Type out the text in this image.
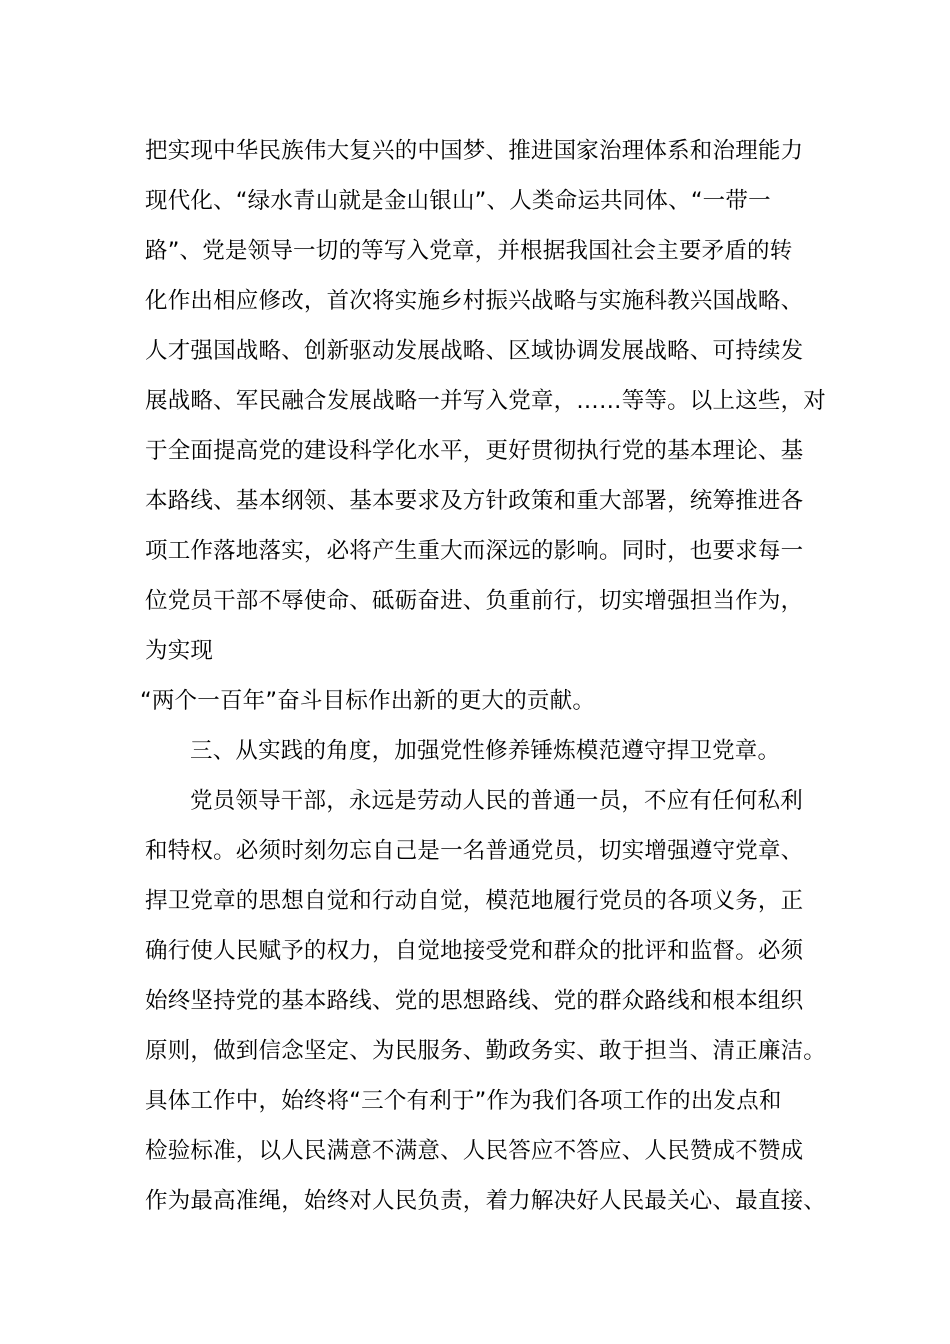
把实现中华民族伟大复兴的中国梦、推进国家治理体系和治理能力
现代化、“绿水青山就是金山银山”、人类命运共同体、“一带一
路”、党是领导一切的等写入党章，并根据我国社会主要矛盾的转
化作出相应修改，首次将实施乡村振兴战略与实施科教兴国战略、
人才强国战略、创新驱动发展战略、区域协调发展战略、可持续发
展战略、军民融合发展战略一并写入党章，……等等。以上这些，对
于全面提高党的建设科学化水平，更好贯彻执行党的基本理论、基
本路线、基本纲领、基本要求及方针政策和重大部署，统筹推进各
项工作落地落实，必将产生重大而深远的影响。同时，也要求每一
位党员干部不辱使命、砥砺奋进、负重前行，切实增强担当作为，
为实现
“两个一百年”奋斗目标作出新的更大的贡献。
三、从实践的角度，加强党性修养锤炼模范遵守捍卫党章。
党员领导干部，永远是劳动人民的普通一员，不应有任何私利
和特权。必须时刻勿忘自己是一名普通党员，切实增强遵守党章、
捍卫党章的思想自觉和行动自觉，模范地履行党员的各项义务，正
确行使人民赋予的权力，自觉地接受党和群众的批评和监督。必须
始终坚持党的基本路线、党的思想路线、党的群众路线和根本组织
原则，做到信念坚定、为民服务、勤政务实、敢于担当、清正廉洁。
具体工作中，始终将“三个有利于”作为我们各项工作的出发点和
检验标准，以人民满意不满意、人民答应不答应、人民赞成不赞成
作为最高准绳，始终对人民负责，着力解决好人民最关心、最直接、
